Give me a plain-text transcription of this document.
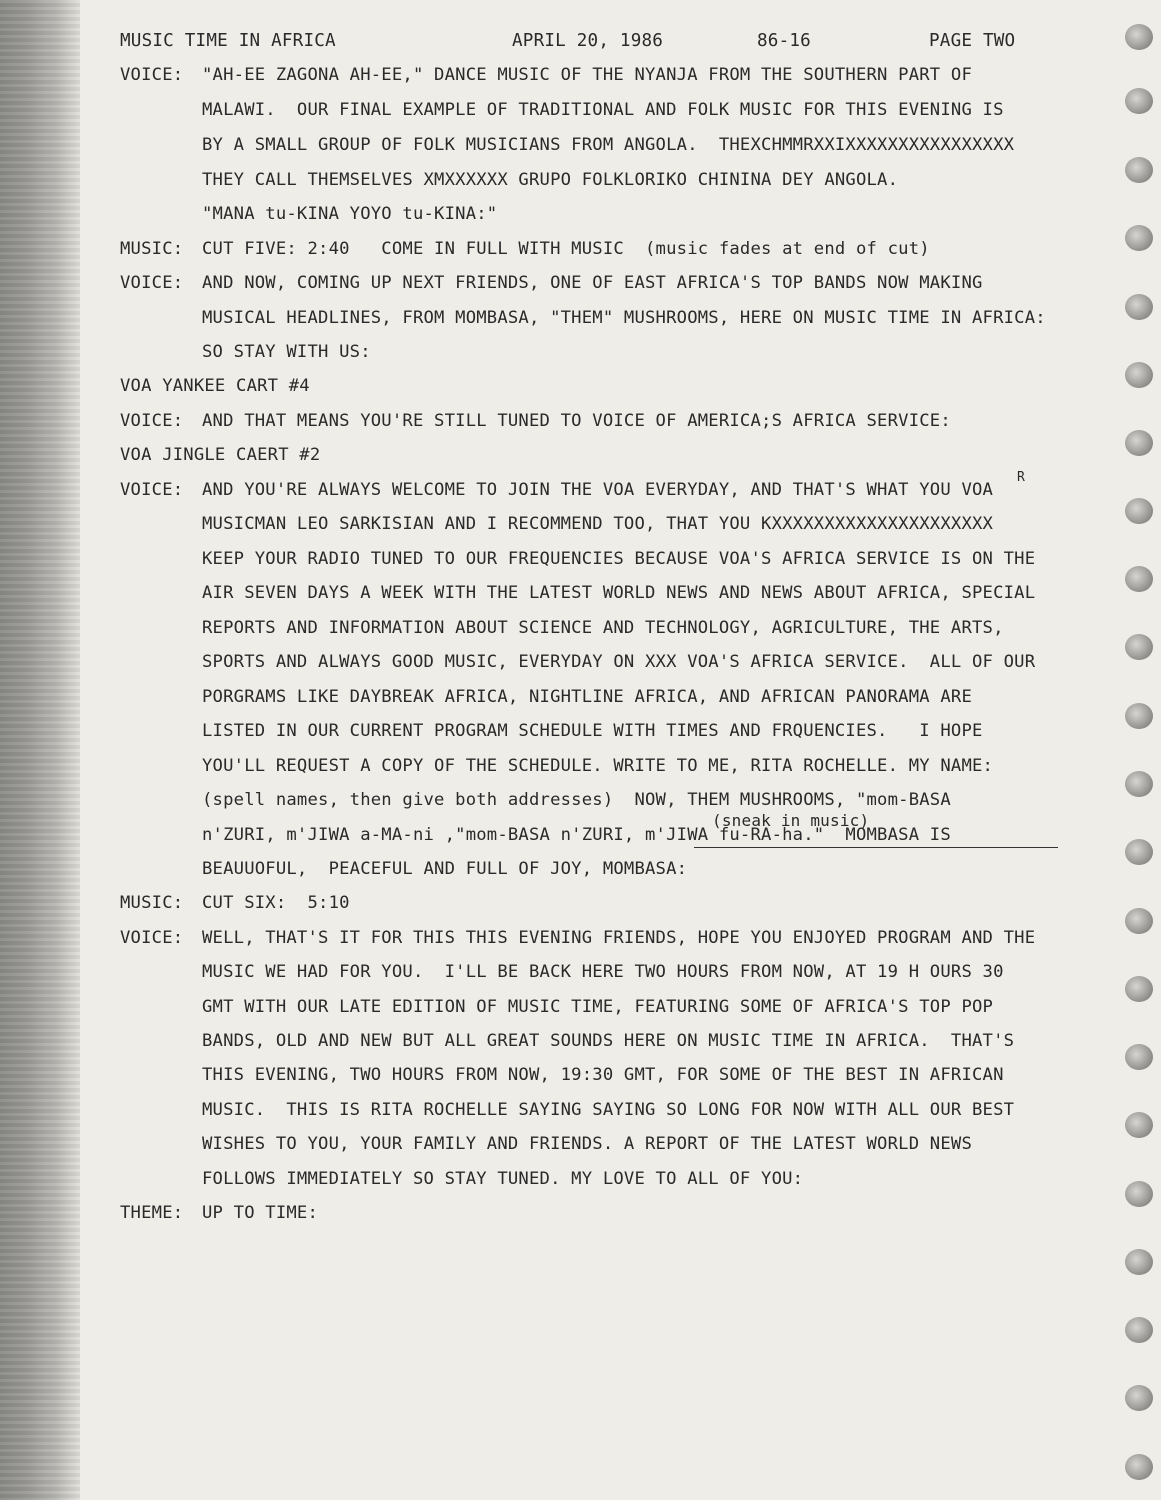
MUSIC TIME IN AFRICA	APRIL 20, 1986	86-16	PAGE TWO
VOICE: "AH-EE ZAGONA AH-EE," DANCE MUSIC OF THE NYANJA FROM THE SOUTHERN PART OF
MALAWI.  OUR FINAL EXAMPLE OF TRADITIONAL AND FOLK MUSIC FOR THIS EVENING IS
BY A SMALL GROUP OF FOLK MUSICIANS FROM ANGOLA.  THEXCHMMRXXIXXXXXXXXXXXXXXXX
THEY CALL THEMSELVES XMXXXXXX GRUPO FOLKLORIKO CHININA DEY ANGOLA.
"MANA tu-KINA YOYO tu-KINA:"
MUSIC: CUT FIVE: 2:40   COME IN FULL WITH MUSIC  (music fades at end of cut)
VOICE: AND NOW, COMING UP NEXT FRIENDS, ONE OF EAST AFRICA'S TOP BANDS NOW MAKING
MUSICAL HEADLINES, FROM MOMBASA, "THEM" MUSHROOMS, HERE ON MUSIC TIME IN AFRICA:
SO STAY WITH US:
VOA YANKEE CART #4
VOICE: AND THAT MEANS YOU'RE STILL TUNED TO VOICE OF AMERICA;S AFRICA SERVICE:
VOA JINGLE CAERT #2
VOICE: AND YOU'RE ALWAYS WELCOME TO JOIN THE VOA EVERYDAY, AND THAT'S WHAT YOU VOA
R
MUSICMAN LEO SARKISIAN AND I RECOMMEND TOO, THAT YOU KXXXXXXXXXXXXXXXXXXXXX
KEEP YOUR RADIO TUNED TO OUR FREQUENCIES BECAUSE VOA'S AFRICA SERVICE IS ON THE
AIR SEVEN DAYS A WEEK WITH THE LATEST WORLD NEWS AND NEWS ABOUT AFRICA, SPECIAL
REPORTS AND INFORMATION ABOUT SCIENCE AND TECHNOLOGY, AGRICULTURE, THE ARTS,
SPORTS AND ALWAYS GOOD MUSIC, EVERYDAY ON XXX VOA'S AFRICA SERVICE.  ALL OF OUR
PORGRAMS LIKE DAYBREAK AFRICA, NIGHTLINE AFRICA, AND AFRICAN PANORAMA ARE
LISTED IN OUR CURRENT PROGRAM SCHEDULE WITH TIMES AND FRQUENCIES.   I HOPE
YOU'LL REQUEST A COPY OF THE SCHEDULE. WRITE TO ME, RITA ROCHELLE. MY NAME:
(spell names, then give both addresses)  NOW, THEM MUSHROOMS, "mom-BASA
(sneak in music)
n'ZURI, m'JIWA a-MA-ni ,"mom-BASA n'ZURI, m'JIWA fu-RA-ha."  MOMBASA IS
BEAUUOFUL,  PEACEFUL AND FULL OF JOY, MOMBASA:
MUSIC: CUT SIX:  5:10
VOICE: WELL, THAT'S IT FOR THIS THIS EVENING FRIENDS, HOPE YOU ENJOYED PROGRAM AND THE
MUSIC WE HAD FOR YOU.  I'LL BE BACK HERE TWO HOURS FROM NOW, AT 19 H OURS 30
GMT WITH OUR LATE EDITION OF MUSIC TIME, FEATURING SOME OF AFRICA'S TOP POP
BANDS, OLD AND NEW BUT ALL GREAT SOUNDS HERE ON MUSIC TIME IN AFRICA.  THAT'S
THIS EVENING, TWO HOURS FROM NOW, 19:30 GMT, FOR SOME OF THE BEST IN AFRICAN
MUSIC.  THIS IS RITA ROCHELLE SAYING SAYING SO LONG FOR NOW WITH ALL OUR BEST
WISHES TO YOU, YOUR FAMILY AND FRIENDS. A REPORT OF THE LATEST WORLD NEWS
FOLLOWS IMMEDIATELY SO STAY TUNED. MY LOVE TO ALL OF YOU:
THEME: UP TO TIME:
